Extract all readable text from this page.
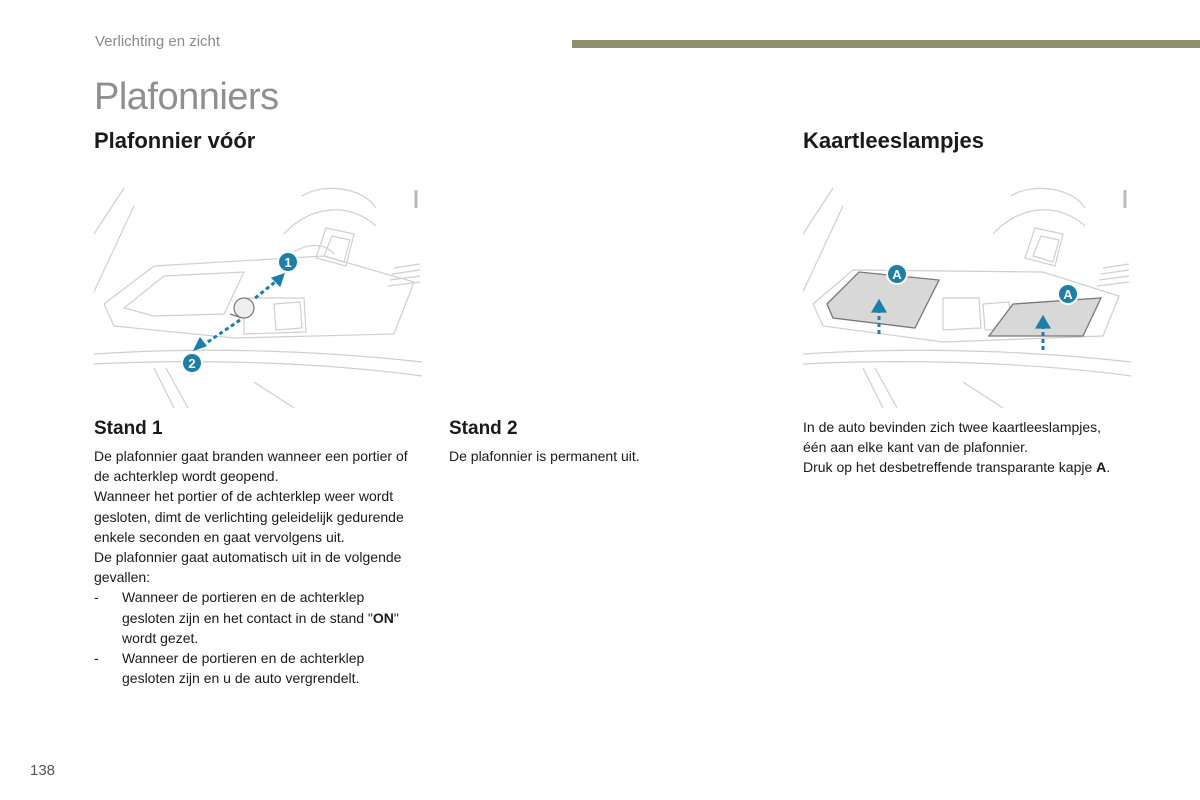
Verlichting en zicht
Plafonniers
Plafonnier vóór	Kaartleeslampjes
1
2
A
A
Stand 1	Stand 2
De plafonnier gaat branden wanneer een portier of de achterklep wordt geopend.
Wanneer het portier of de achterklep weer wordt gesloten, dimt de verlichting geleidelijk gedurende enkele seconden en gaat vervolgens uit.
De plafonnier gaat automatisch uit in de volgende gevallen:
-	Wanneer de portieren en de achterklep gesloten zijn en het contact in de stand "ON" wordt gezet.
-	Wanneer de portieren en de achterklep gesloten zijn en u de auto vergrendelt.
De plafonnier is permanent uit.
In de auto bevinden zich twee kaartleeslampjes, één aan elke kant van de plafonnier.
Druk op het desbetreffende transparante kapje A.
138
